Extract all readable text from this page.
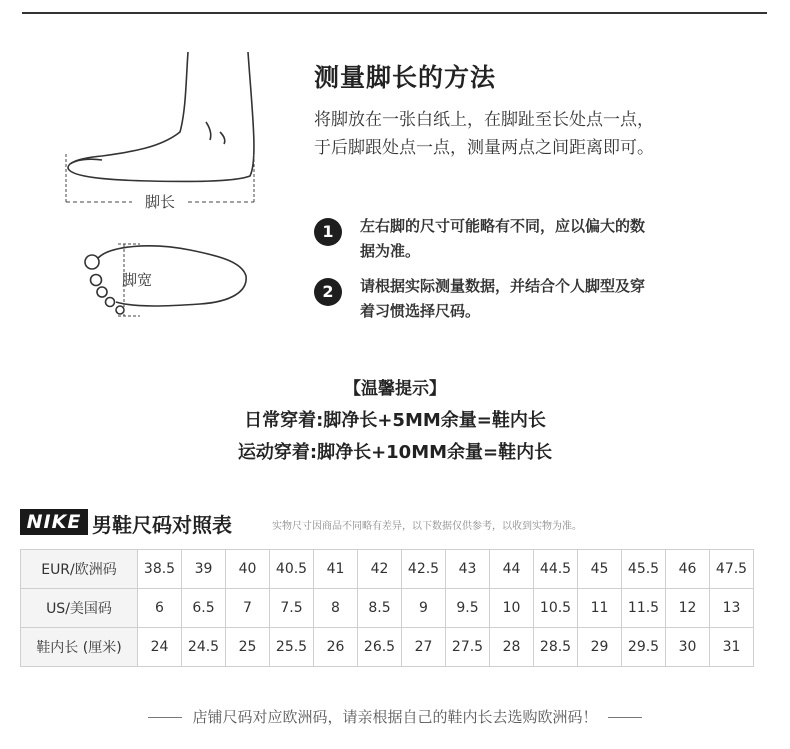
脚长
脚宽
测量脚长的方法
将脚放在一张白纸上，在脚趾至长处点一点，
于后脚跟处点一点，测量两点之间距离即可。
1	左右脚的尺寸可能略有不同，应以偏大的数
据为准。
2	请根据实际测量数据，并结合个人脚型及穿
着习惯选择尺码。
【温馨提示】
日常穿着:脚净长+5MM余量=鞋内长
运动穿着:脚净长+10MM余量=鞋内长
NIKE 男鞋尺码对照表	实物尺寸因商品不同略有差异，以下数据仅供参考，以收到实物为准。
EUR/欧洲码	38.5	39	40	40.5	41	42	42.5	43	44	44.5	45	45.5	46	47.5
US/美国码	6	6.5	7	7.5	8	8.5	9	9.5	10	10.5	11	11.5	12	13
鞋内长 (厘米)	24	24.5	25	25.5	26	26.5	27	27.5	28	28.5	29	29.5	30	31
店铺尺码对应欧洲码，请亲根据自己的鞋内长去选购欧洲码！
